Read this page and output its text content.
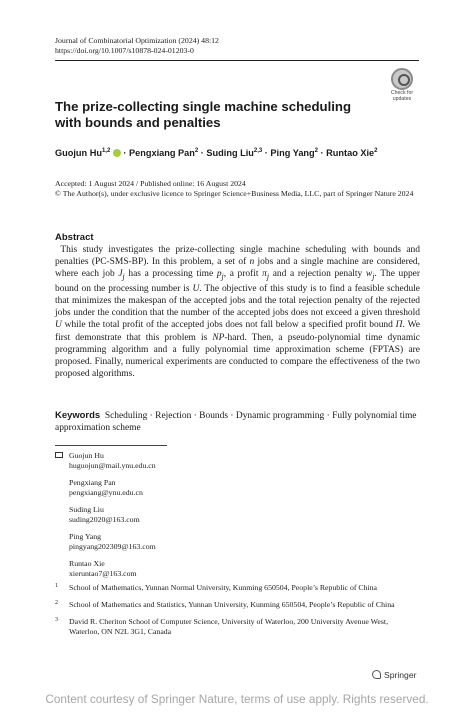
Journal of Combinatorial Optimization (2024) 48:12
https://doi.org/10.1007/s10878-024-01203-0
Check for
updates
The prize-collecting single machine scheduling with bounds and penalties
Guojun Hu$^{1,2}$  · Pengxiang Pan$^2$ · Suding Liu$^{2,3}$ · Ping Yang$^2$ · Runtao Xie$^2$
Accepted: 1 August 2024 / Published online: 16 August 2024
© The Author(s), under exclusive licence to Springer Science+Business Media, LLC, part of Springer Nature 2024
Abstract
This study investigates the prize-collecting single machine scheduling with bounds and penalties (PC-SMS-BP). In this problem, a set of n jobs and a single machine are considered, where each job $J_j$ has a processing time $p_j$, a profit $\pi_j$ and a rejection penalty $w_j$. The upper bound on the processing number is U. The objective of this study is to find a feasible schedule that minimizes the makespan of the accepted jobs and the total rejection penalty of the rejected jobs under the condition that the number of the accepted jobs does not exceed a given threshold U while the total profit of the accepted jobs does not fall below a specified profit bound Π. We first demonstrate that this problem is NP-hard. Then, a pseudo-polynomial time dynamic programming algorithm and a fully polynomial time approximation scheme (FPTAS) are proposed. Finally, numerical experiments are conducted to compare the effectiveness of the two proposed algorithms.
Keywords Scheduling · Rejection · Bounds · Dynamic programming · Fully polynomial time approximation scheme
Guojun Hu
huguojun@mail.ynu.edu.cn
Pengxiang Pan
pengxiang@ynu.edu.cn
Suding Liu
suding2020@163.com
Ping Yang
pingyang202309@163.com
Runtao Xie
xieruntao7@163.com
1 School of Mathematics, Yunnan Normal University, Kunming 650504, People’s Republic of China
2 School of Mathematics and Statistics, Yunnan University, Kunming 650504, People’s Republic of China
3 David R. Cheriton School of Computer Science, University of Waterloo, 200 University Avenue West, Waterloo, ON N2L 3G1, Canada
Springer
Content courtesy of Springer Nature, terms of use apply. Rights reserved.
